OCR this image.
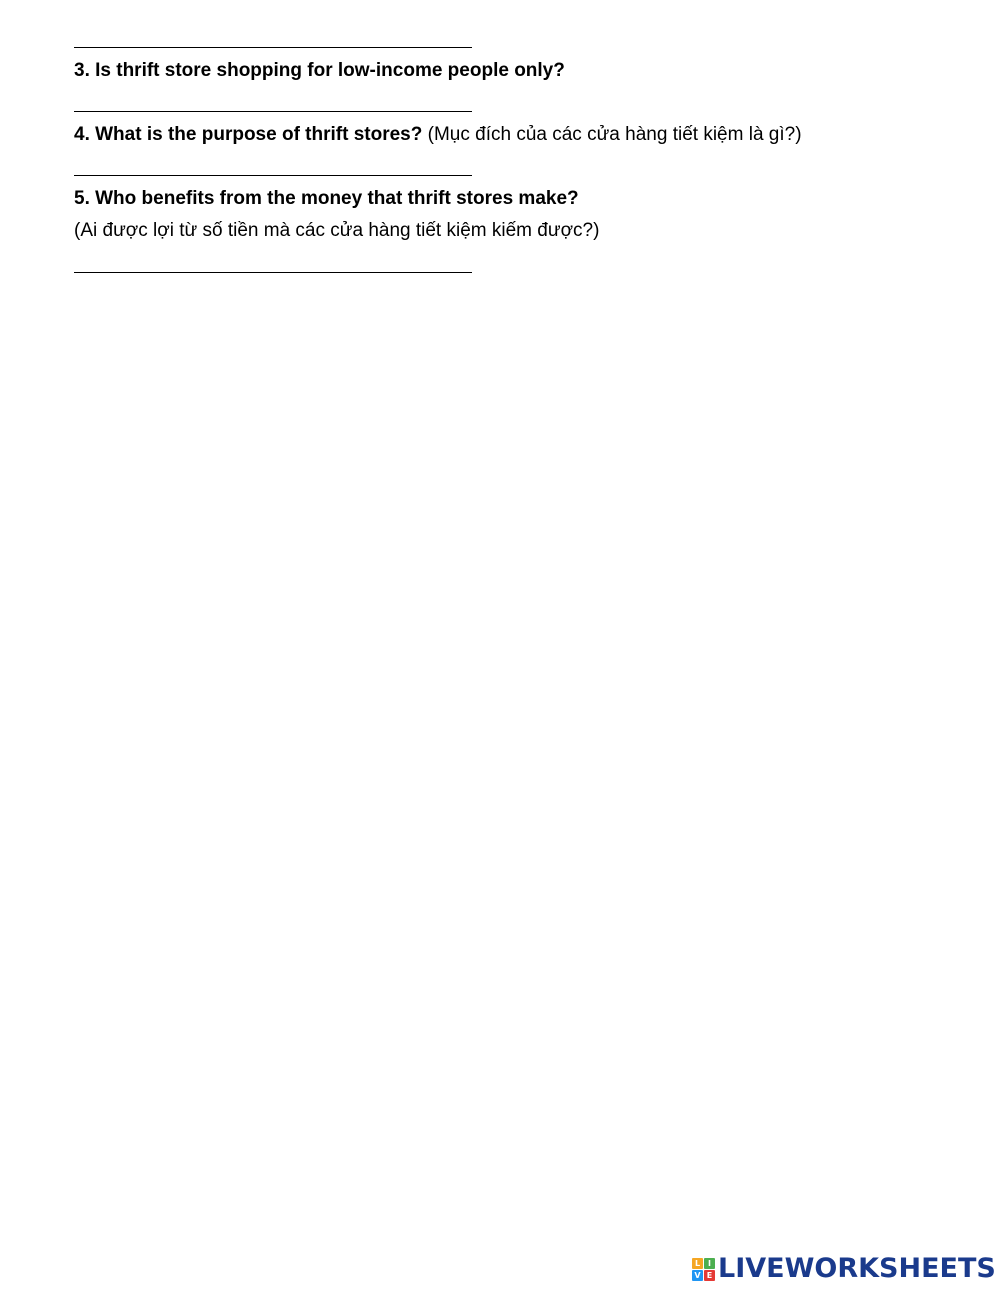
3. Is thrift store shopping for low-income people only?
4. What is the purpose of thrift stores? (Mục đích của các cửa hàng tiết kiệm là gì?)
5. Who benefits from the money that thrift stores make?
(Ai được lợi từ số tiền mà các cửa hàng tiết kiệm kiếm được?)
L I
V E LIVEWORKSHEETS
